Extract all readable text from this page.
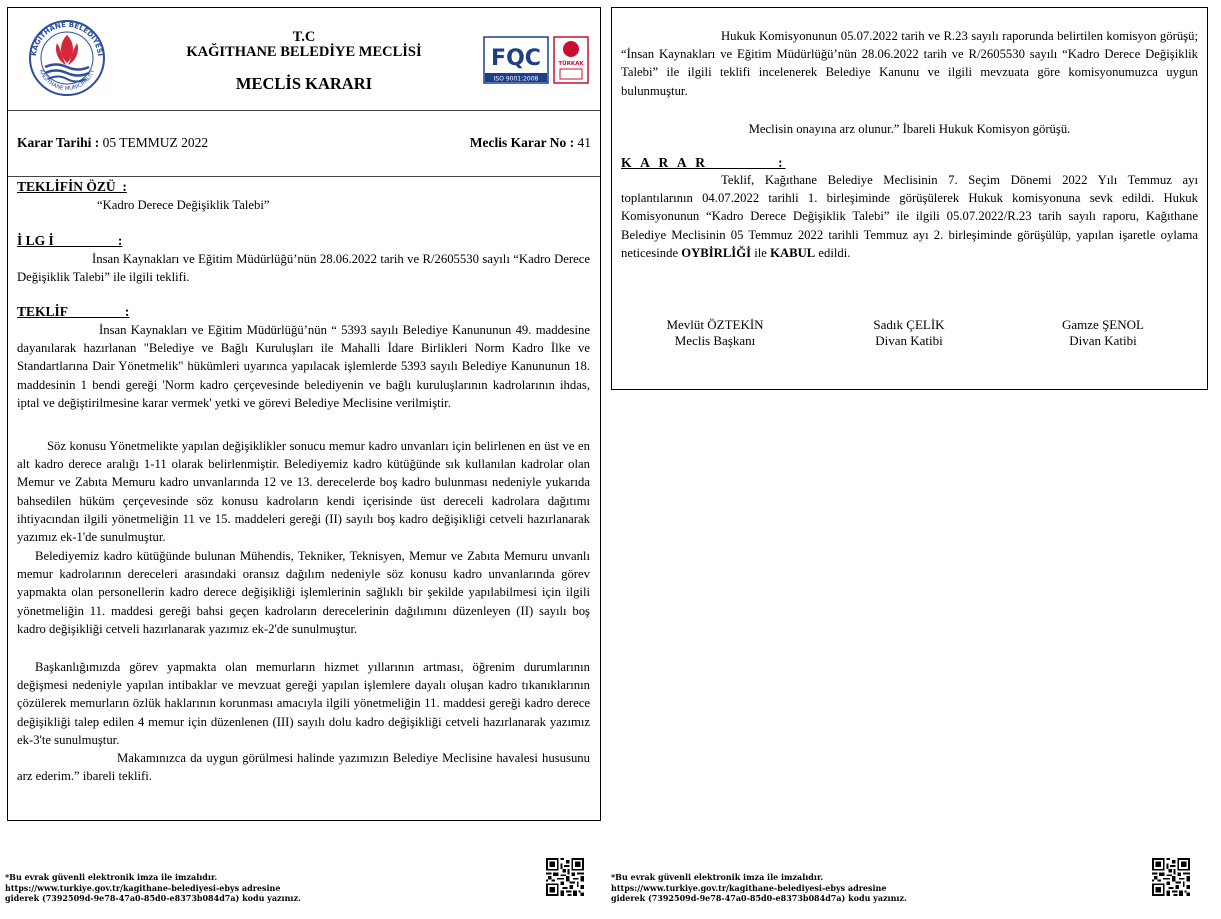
KAĞITHANE BELEDİYESİ
KAĞITHANE MUNICIPALITY
T.C
KAĞITHANE BELEDİYE MECLİSİ
MECLİS KARARI
FQC
ISO 9001:2008
TÜRKAK
Karar Tarihi : 05 TEMMUZ 2022	Meclis Karar No : 41
TEKLİFİN ÖZÜ  :
“Kadro Derece Değişiklik Talebi”
İ LG İ                   :
İnsan Kaynakları ve Eğitim Müdürlüğü’nün 28.06.2022 tarih ve R/2605530 sayılı “Kadro Derece Değişiklik Talebi” ile ilgili teklifi.
TEKLİF                 :
İnsan Kaynakları ve Eğitim Müdürlüğü’nün “ 5393 sayılı Belediye Kanununun 49. maddesine dayanılarak hazırlanan "Belediye ve Bağlı Kuruluşları ile Mahalli İdare Birlikleri Norm Kadro İlke ve Standartlarına Dair Yönetmelik" hükümleri uyarınca yapılacak işlemlerde 5393 sayılı Belediye Kanununun 18. maddesinin 1 bendi gereği 'Norm kadro çerçevesinde belediyenin ve bağlı kuruluşlarının kadrolarının ihdas, iptal ve değiştirilmesine karar vermek' yetki ve görevi Belediye Meclisine verilmiştir.
Söz konusu Yönetmelikte yapılan değişiklikler sonucu memur kadro unvanları için belirlenen en üst ve en alt kadro derece aralığı 1-11 olarak belirlenmiştir. Belediyemiz kadro kütüğünde sık kullanılan kadrolar olan Memur ve Zabıta Memuru kadro unvanlarında 12 ve 13. derecelerde boş kadro bulunması nedeniyle yukarıda bahsedilen hüküm çerçevesinde söz konusu kadroların kendi içerisinde üst dereceli kadrolara dağıtımı ihtiyacından ilgili yönetmeliğin 11 ve 15. maddeleri gereği (II) sayılı boş kadro değişikliği cetveli hazırlanarak yazımız ek-1'de sunulmuştur.
Belediyemiz kadro kütüğünde bulunan Mühendis, Tekniker, Teknisyen, Memur ve Zabıta Memuru unvanlı memur kadrolarının dereceleri arasındaki oransız dağılım nedeniyle söz konusu kadro unvanlarında görev yapmakta olan personellerin kadro derece değişikliği işlemlerinin sağlıklı bir şekilde yapılabilmesi için ilgili yönetmeliğin 11. maddesi gereği bahsi geçen kadroların derecelerinin dağılımını düzenleyen (II) sayılı boş kadro değişikliği cetveli hazırlanarak yazımız ek-2'de sunulmuştur.
Başkanlığımızda görev yapmakta olan memurların hizmet yıllarının artması, öğrenim durumlarının değişmesi nedeniyle yapılan intibaklar ve mevzuat gereği yapılan işlemlere dayalı oluşan kadro tıkanıklarının çözülerek memurların özlük haklarının korunması amacıyla ilgili yönetmeliğin 11. maddesi gereği kadro derece değişikliği talep edilen 4 memur için düzenlenen (III) sayılı dolu kadro değişikliği cetveli hazırlanarak yazımız ek-3'te sunulmuştur.
Makamınızca da uygun görülmesi halinde yazımızın Belediye Meclisine havalesi hususunu arz ederim.” ibareli teklifi.
Hukuk Komisyonunun 05.07.2022 tarih ve R.23 sayılı raporunda belirtilen komisyon görüşü; “İnsan Kaynakları ve Eğitim Müdürlüğü’nün 28.06.2022 tarih ve R/2605530 sayılı “Kadro Derece Değişiklik Talebi” ile ilgili teklifi incelenerek Belediye Kanunu ve ilgili mevzuata göre komisyonumuzca uygun bulunmuştur.
Meclisin onayına arz olunur.” İbareli Hukuk Komisyon görüşü.
K A R A R           :
Teklif, Kağıthane Belediye Meclisinin 7. Seçim Dönemi 2022 Yılı Temmuz ayı toplantılarının 04.07.2022 tarihli 1. birleşiminde görüşülerek Hukuk komisyonuna sevk edildi. Hukuk Komisyonunun “Kadro Derece Değişiklik Talebi” ile ilgili 05.07.2022/R.23 tarih sayılı raporu, Kağıthane Belediye Meclisinin 05 Temmuz 2022 tarihli Temmuz ayı 2. birleşiminde görüşülüp, yapılan işaretle oylama neticesinde OYBİRLİĞİ ile KABUL edildi.
Mevlüt ÖZTEKİN
Meclis Başkanı
Sadık ÇELİK
Divan Katibi
Gamze ŞENOL
Divan Katibi
*Bu evrak güvenli elektronik imza ile imzalıdır.
https://www.turkiye.gov.tr/kagithane-belediyesi-ebys adresine
giderek (7392509d-9e78-47a0-85d0-e8373b084d7a) kodu yazınız.
*Bu evrak güvenli elektronik imza ile imzalıdır.
https://www.turkiye.gov.tr/kagithane-belediyesi-ebys adresine
giderek (7392509d-9e78-47a0-85d0-e8373b084d7a) kodu yazınız.
